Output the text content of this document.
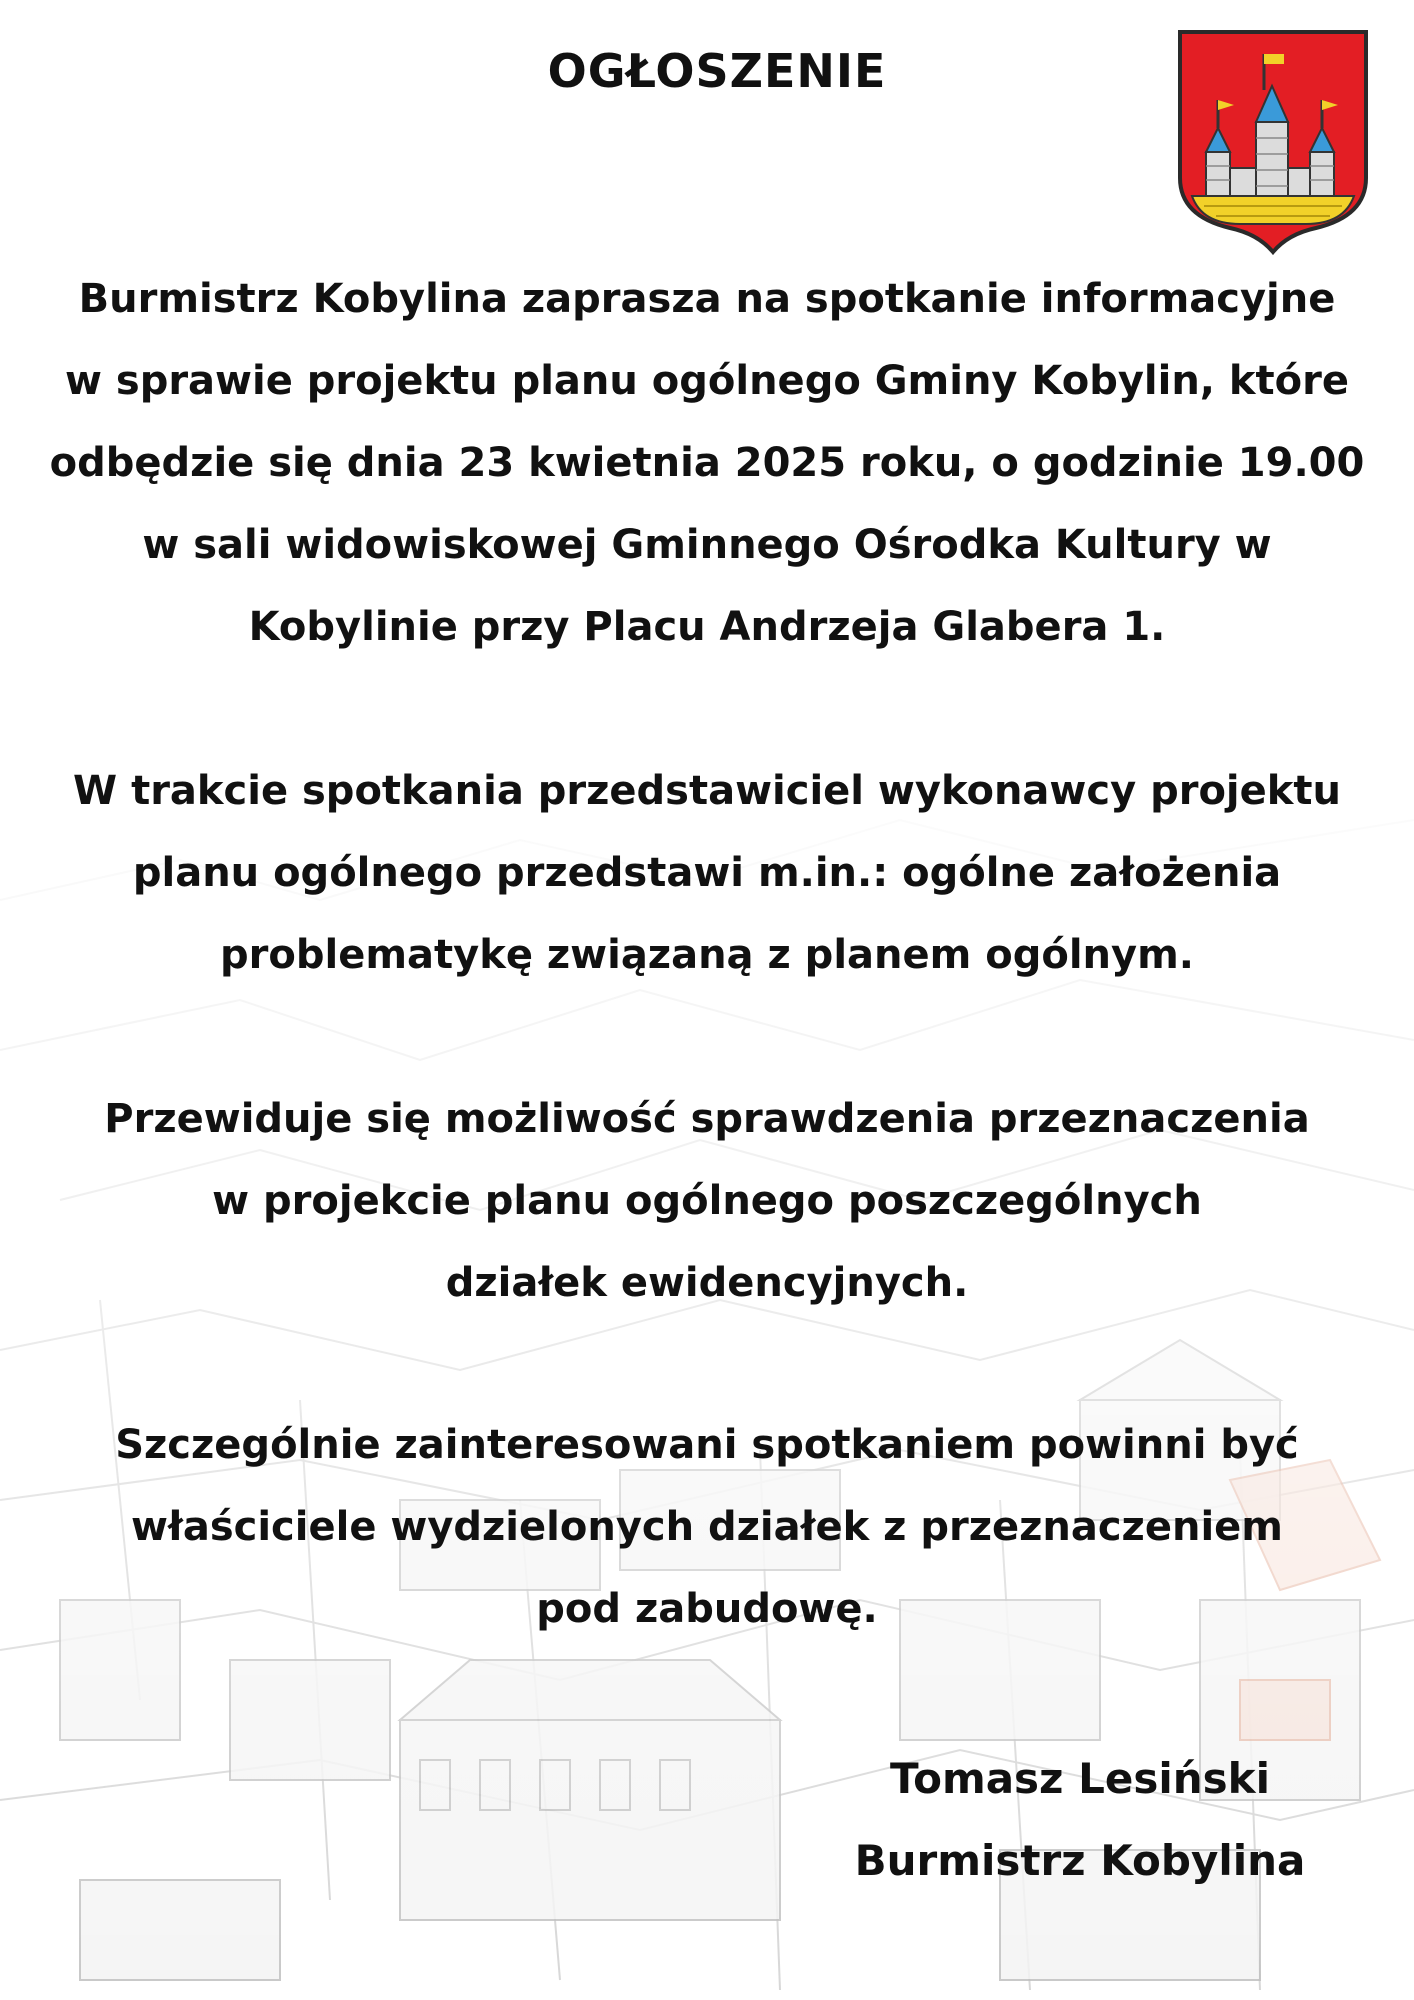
OGŁOSZENIE
Burmistrz Kobylina zaprasza na spotkanie informacyjne
w sprawie projektu planu ogólnego Gminy Kobylin, które
odbędzie się dnia 23 kwietnia 2025 roku, o godzinie 19.00
w sali widowiskowej Gminnego Ośrodka Kultury w
Kobylinie przy Placu Andrzeja Glabera 1.
W trakcie spotkania przedstawiciel wykonawcy projektu
planu ogólnego przedstawi m.in.: ogólne założenia
problematykę związaną z planem ogólnym.
Przewiduje się możliwość sprawdzenia przeznaczenia
w projekcie planu ogólnego poszczególnych
działek ewidencyjnych.
Szczególnie zainteresowani spotkaniem powinni być
właściciele wydzielonych działek z przeznaczeniem
pod zabudowę.
Tomasz Lesiński
Burmistrz Kobylina
